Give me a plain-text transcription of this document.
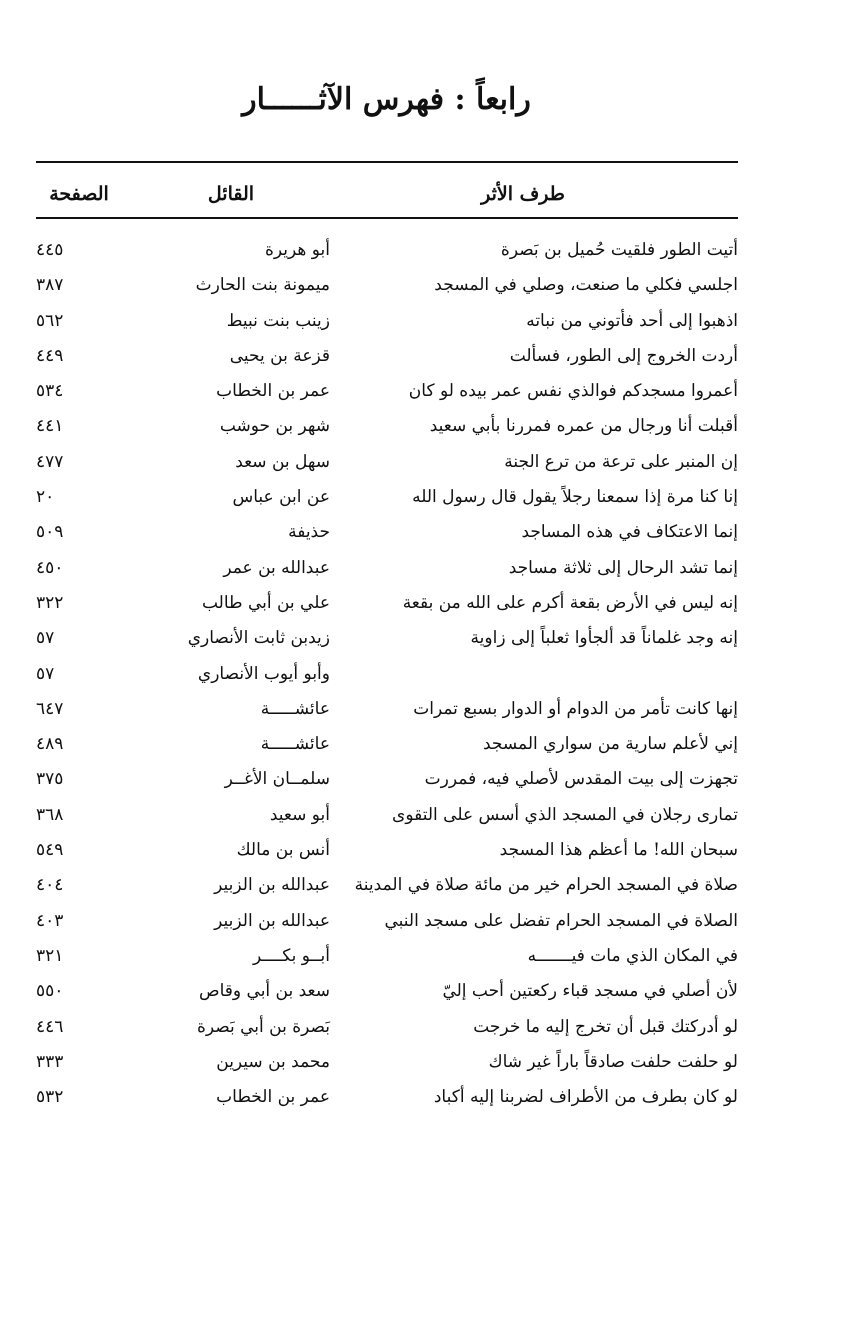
رابعاً : فهرس الآثــــــار
طرف الأثر
القائل
الصفحة
أتيت الطور فلقيت حُميل بن بَصرة
أبو هريرة
٤٤٥
اجلسي فكلي ما صنعت، وصلي في المسجد
ميمونة بنت الحارث
٣٨٧
اذهبوا إلى أحد فأتوني من نباته
زينب بنت نبيط
٥٦٢
أردت الخروج إلى الطور، فسألت
قزعة بن يحيى
٤٤٩
أعمروا مسجدكم فوالذي نفس عمر بيده لو كان
عمر بن الخطاب
٥٣٤
أقبلت أنا ورجال من عمره فمررنا بأبي سعيد
شهر بن حوشب
٤٤١
إن المنبر على ترعة من ترع الجنة
سهل بن سعد
٤٧٧
إنا كنا مرة إذا سمعنا رجلاً يقول قال رسول الله
عن ابن عباس
٢٠
إنما الاعتكاف في هذه المساجد
حذيفة
٥٠٩
إنما تشد الرحال إلى ثلاثة مساجد
عبدالله بن عمر
٤٥٠
إنه ليس في الأرض بقعة أكرم على الله من بقعة
علي بن أبي طالب
٣٢٢
إنه وجد غلماناً قد ألجأوا ثعلباً إلى زاوية
زيدبن ثابت الأنصاري
٥٧
وأبو أيوب الأنصاري
٥٧
إنها كانت تأمر من الدوام أو الدوار بسبع تمرات
عائشـــــة
٦٤٧
إني لأعلم سارية من سواري المسجد
عائشـــــة
٤٨٩
تجهزت إلى بيت المقدس لأصلي فيه، فمررت
سلمــان الأغــر
٣٧٥
تمارى رجلان في المسجد الذي أسس على التقوى
أبو سعيد
٣٦٨
سبحان الله! ما أعظم هذا المسجد
أنس بن مالك
٥٤٩
صلاة في المسجد الحرام خير من مائة صلاة في المدينة
عبدالله بن الزبير
٤٠٤
الصلاة في المسجد الحرام تفضل على مسجد النبي
عبدالله بن الزبير
٤٠٣
في المكان الذي مات فيـــــــه
أبــو بكــــر
٣٢١
لأن أصلي في مسجد قباء ركعتين أحب إليّ
سعد بن أبي وقاص
٥٥٠
لو أدركتك قبل أن تخرج إليه ما خرجت
بَصرة بن أبي بَصرة
٤٤٦
لو حلفت حلفت صادقاً باراً غير شاك
محمد بن سيرين
٣٣٣
لو كان بطرف من الأطراف لضربنا إليه أكباد
عمر بن الخطاب
٥٣٢
